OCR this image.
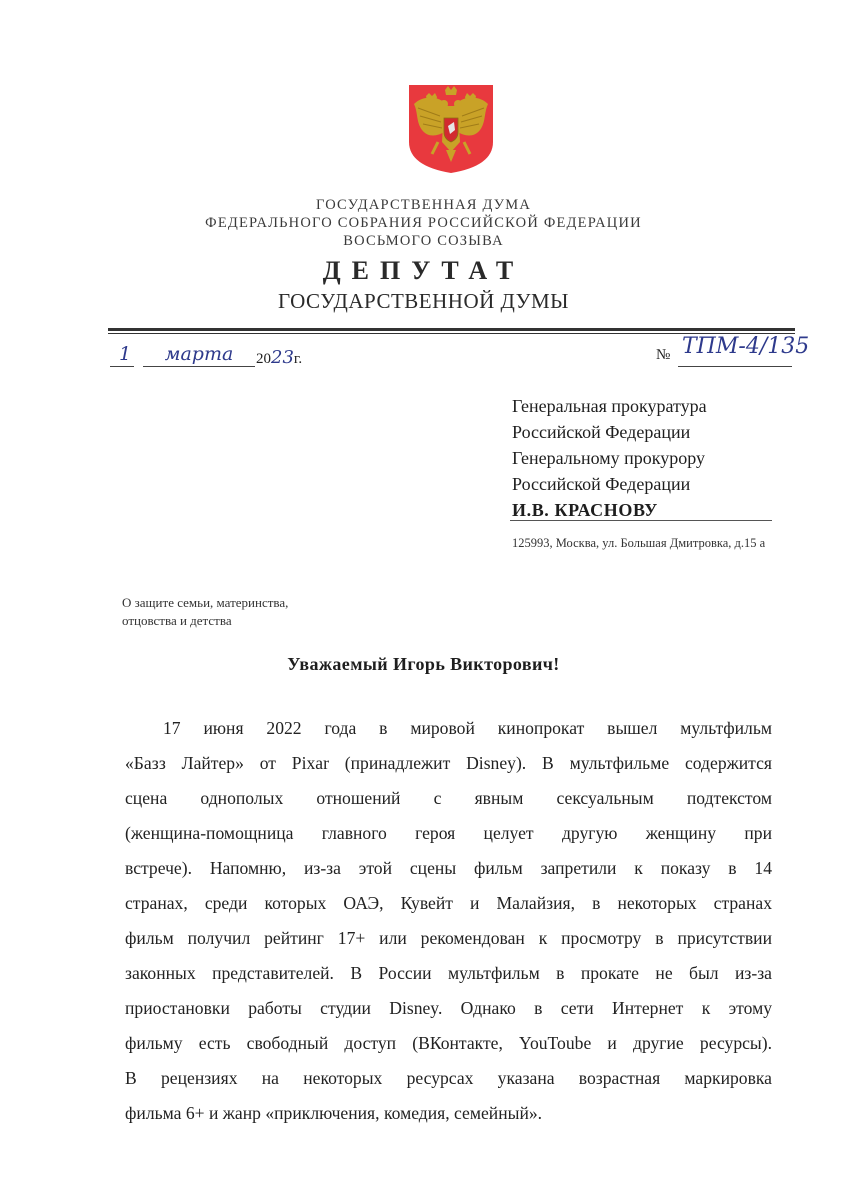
ГОСУДАРСТВЕННАЯ ДУМА
ФЕДЕРАЛЬНОГО СОБРАНИЯ РОССИЙСКОЙ ФЕДЕРАЦИИ
ВОСЬМОГО СОЗЫВА
ДЕПУТАТ
ГОСУДАРСТВЕННОЙ ДУМЫ
1	марта	2023г.	№ ТПМ-4/135
Генеральная прокуратура
Российской Федерации
Генеральному прокурору
Российской Федерации
И.В. КРАСНОВУ
125993, Москва, ул. Большая Дмитровка, д.15 а
О защите семьи, материнства,
отцовства и детства
Уважаемый Игорь Викторович!
17 июня 2022 года в мировой кинопрокат вышел мультфильм
«Базз Лайтер» от Pixar (принадлежит Disney). В мультфильме содержится
сцена однополых отношений с явным сексуальным подтекстом
(женщина-помощница главного героя целует другую женщину при
встрече). Напомню, из-за этой сцены фильм запретили к показу в 14
странах, среди которых ОАЭ, Кувейт и Малайзия, в некоторых странах
фильм получил рейтинг 17+ или рекомендован к просмотру в присутствии
законных представителей. В России мультфильм в прокате не был из-за
приостановки работы студии Disney. Однако в сети Интернет к этому
фильму есть свободный доступ (ВКонтакте, YouToube и другие ресурсы).
В рецензиях на некоторых ресурсах указана возрастная маркировка
фильма 6+ и жанр «приключения, комедия, семейный».
